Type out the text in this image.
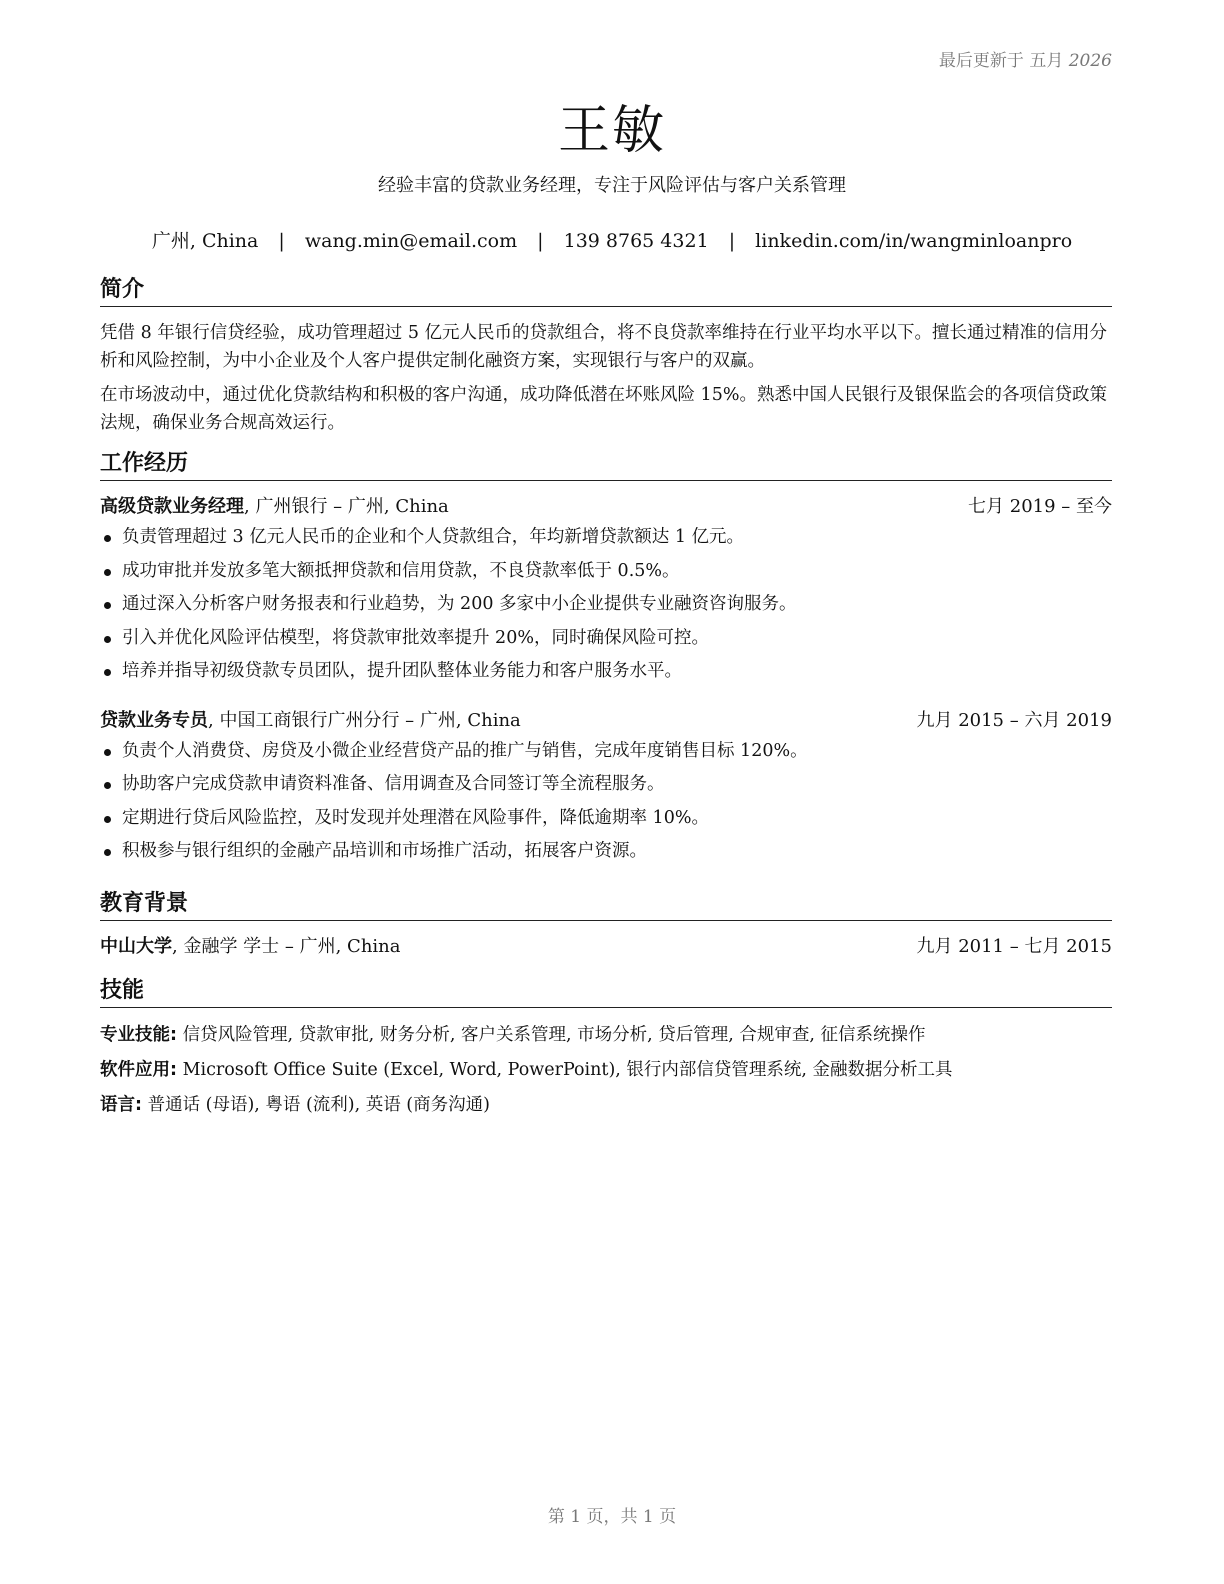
最后更新于 五月 2026
王敏
经验丰富的贷款业务经理，专注于风险评估与客户关系管理
广州, China | wang.min@email.com | 139 8765 4321 | linkedin.com/in/wangminloanpro
简介

凭借 8 年银行信贷经验，成功管理超过 5 亿元人民币的贷款组合，将不良贷款率维持在行业平均水平以下。擅长通过精准的信用分析和风险控制，为中小企业及个人客户提供定制化融资方案，实现银行与客户的双赢。

在市场波动中，通过优化贷款结构和积极的客户沟通，成功降低潜在坏账风险 15%。熟悉中国人民银行及银保监会的各项信贷政策法规，确保业务合规高效运行。

工作经历
高级贷款业务经理, 广州银行 – 广州, China	七月 2019 – 至今
负责管理超过 3 亿元人民币的企业和个人贷款组合，年均新增贷款额达 1 亿元。
成功审批并发放多笔大额抵押贷款和信用贷款，不良贷款率低于 0.5%。
通过深入分析客户财务报表和行业趋势，为 200 多家中小企业提供专业融资咨询服务。
引入并优化风险评估模型，将贷款审批效率提升 20%，同时确保风险可控。
培养并指导初级贷款专员团队，提升团队整体业务能力和客户服务水平。
贷款业务专员, 中国工商银行广州分行 – 广州, China	九月 2015 – 六月 2019
负责个人消费贷、房贷及小微企业经营贷产品的推广与销售，完成年度销售目标 120%。
协助客户完成贷款申请资料准备、信用调查及合同签订等全流程服务。
定期进行贷后风险监控，及时发现并处理潜在风险事件，降低逾期率 10%。
积极参与银行组织的金融产品培训和市场推广活动，拓展客户资源。
教育背景
中山大学, 金融学 学士 – 广州, China	九月 2011 – 七月 2015
技能
专业技能: 信贷风险管理, 贷款审批, 财务分析, 客户关系管理, 市场分析, 贷后管理, 合规审查, 征信系统操作
软件应用: Microsoft Office Suite (Excel, Word, PowerPoint), 银行内部信贷管理系统, 金融数据分析工具
语言: 普通话 (母语), 粤语 (流利), 英语 (商务沟通)
第 1 页，共 1 页
